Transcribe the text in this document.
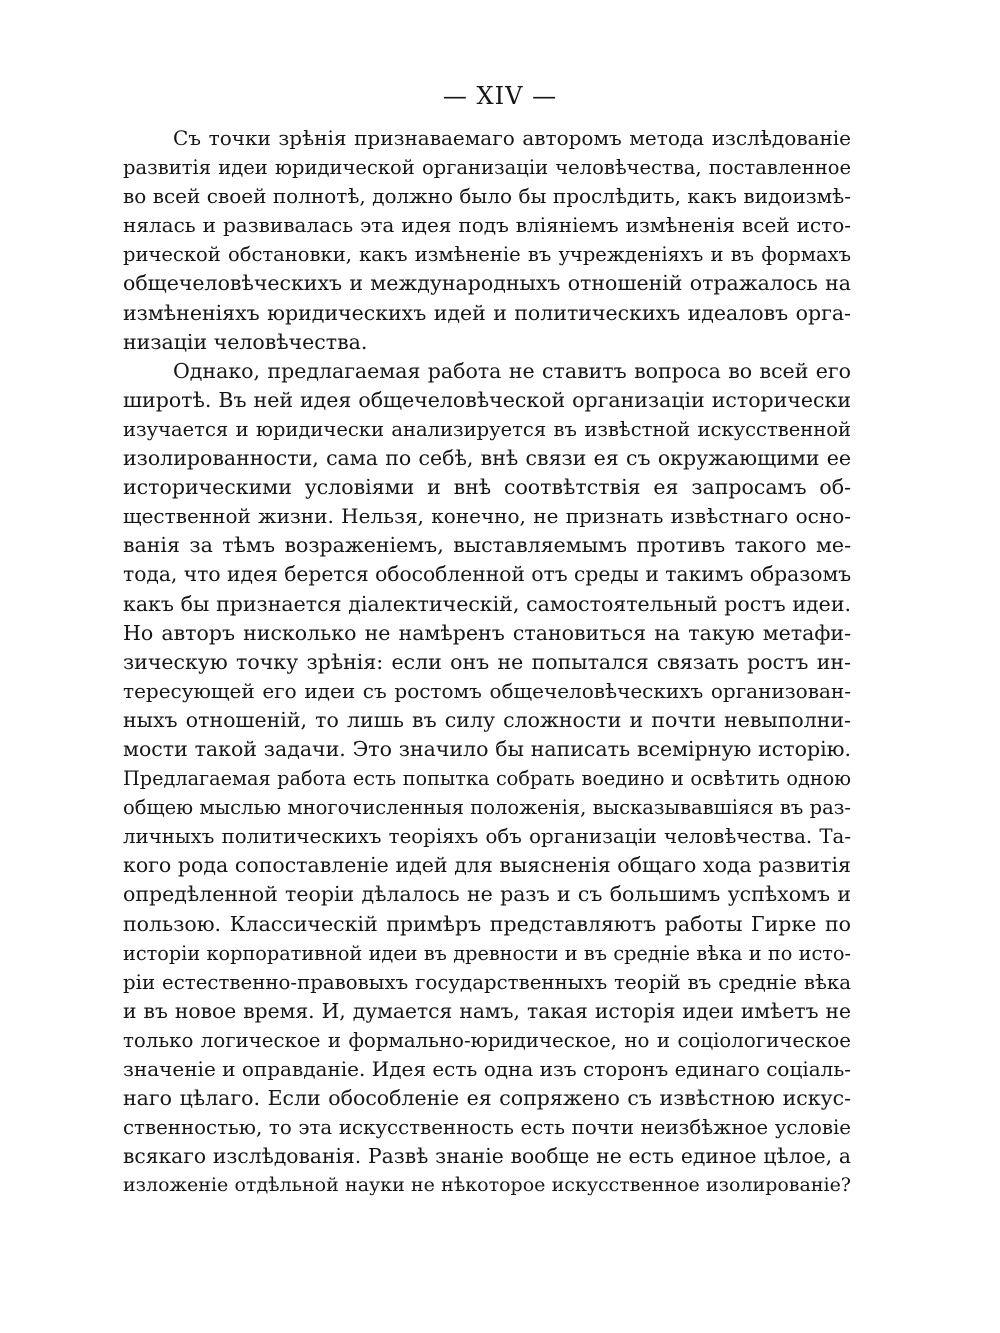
— XIV —
Съ точки зрѣнія признаваемаго авторомъ метода изслѣдованіе
развитія идеи юридической организаціи человѣчества, поставленное
во всей своей полнотѣ, должно было бы прослѣдить, какъ видоизмѣ-
нялась и развивалась эта идея подъ вліяніемъ измѣненія всей исто-
рической обстановки, какъ измѣненіе въ учрежденіяхъ и въ формахъ
общечеловѣческихъ и международныхъ отношеній отражалось на
измѣненіяхъ юридическихъ идей и политическихъ идеаловъ орга-
низаціи человѣчества.
Однако, предлагаемая работа не ставитъ вопроса во всей его
широтѣ. Въ ней идея общечеловѣческой организаціи исторически
изучается и юридически анализируется въ извѣстной искусственной
изолированности, сама по себѣ, внѣ связи ея съ окружающими ее
историческими условіями и внѣ соотвѣтствія ея запросамъ об-
щественной жизни. Нельзя, конечно, не признать извѣстнаго осно-
ванія за тѣмъ возраженіемъ, выставляемымъ противъ такого ме-
тода, что идея берется обособленной отъ среды и такимъ образомъ
какъ бы признается діалектическій, самостоятельный ростъ идеи.
Но авторъ нисколько не намѣренъ становиться на такую метафи-
зическую точку зрѣнія: если онъ не попытался связать ростъ ин-
тересующей его идеи съ ростомъ общечеловѣческихъ организован-
ныхъ отношеній, то лишь въ силу сложности и почти невыполни-
мости такой задачи. Это значило бы написать всемірную исторію.
Предлагаемая работа есть попытка собрать воедино и освѣтить одною
общею мыслью многочисленныя положенія, высказывавшіяся въ раз-
личныхъ политическихъ теоріяхъ объ организаціи человѣчества. Та-
кого рода сопоставленіе идей для выясненія общаго хода развитія
опредѣленной теоріи дѣлалось не разъ и съ большимъ успѣхомъ и
пользою. Классическій примѣръ представляютъ работы Гирке по
исторіи корпоративной идеи въ древности и въ средніе вѣка и по исто-
ріи естественно-правовыхъ государственныхъ теорій въ средніе вѣка
и въ новое время. И, думается намъ, такая исторія идеи имѣетъ не
только логическое и формально-юридическое, но и соціологическое
значеніе и оправданіе. Идея есть одна изъ сторонъ единаго соціаль-
наго цѣлаго. Если обособленіе ея сопряжено съ извѣстною искус-
ственностью, то эта искусственность есть почти неизбѣжное условіе
всякаго изслѣдованія. Развѣ знаніе вообще не есть единое цѣлое, а
изложеніе отдѣльной науки не нѣкоторое искусственное изолированіе?
